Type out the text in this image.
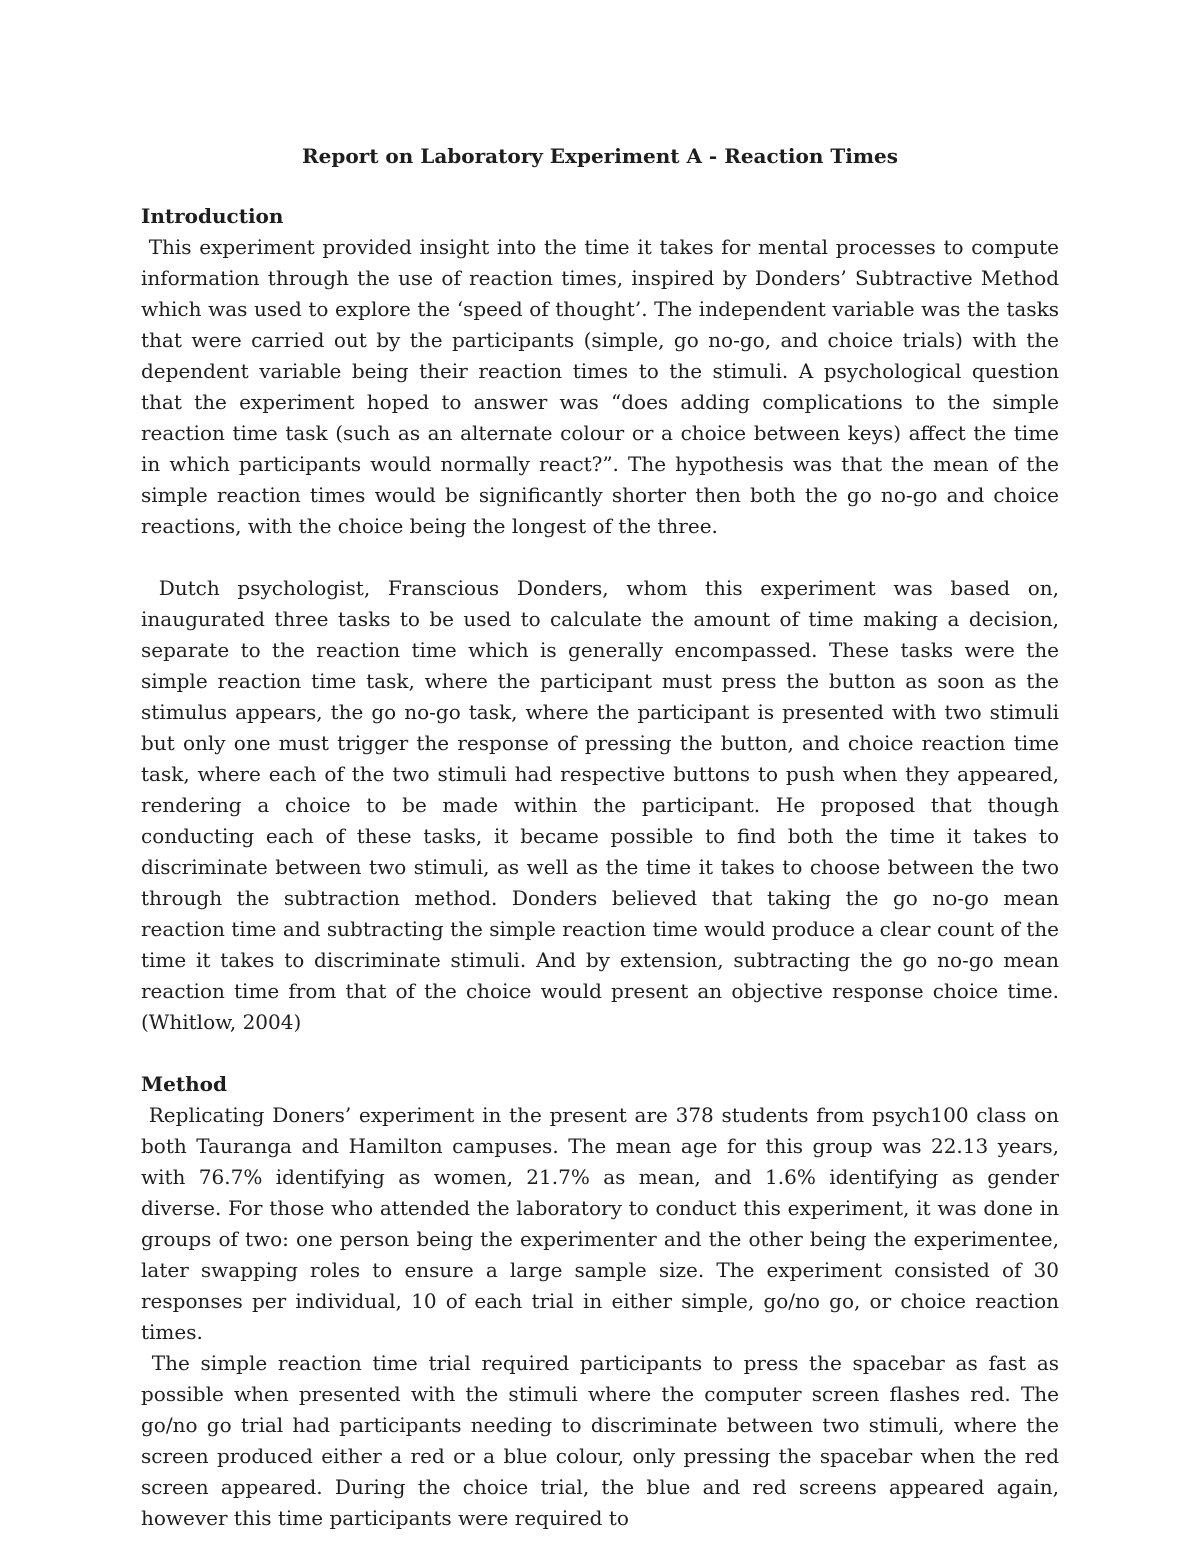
Report on Laboratory Experiment A - Reaction Times
Introduction

This experiment provided insight into the time it takes for mental processes to compute information through the use of reaction times, inspired by Donders’ Subtractive Method which was used to explore the ‘speed of thought’. The independent variable was the tasks that were carried out by the participants (simple, go no-go, and choice trials) with the dependent variable being their reaction times to the stimuli. A psychological question that the experiment hoped to answer was “does adding complications to the simple reaction time task (such as an alternate colour or a choice between keys) affect the time in which participants would normally react?”. The hypothesis was that the mean of the simple reaction times would be significantly shorter then both the go no-go and choice reactions, with the choice being the longest of the three.

Dutch psychologist, Franscious Donders, whom this experiment was based on, inaugurated three tasks to be used to calculate the amount of time making a decision, separate to the reaction time which is generally encompassed. These tasks were the simple reaction time task, where the participant must press the button as soon as the stimulus appears, the go no-go task, where the participant is presented with two stimuli but only one must trigger the response of pressing the button, and choice reaction time task, where each of the two stimuli had respective buttons to push when they appeared, rendering a choice to be made within the participant. He proposed that though conducting each of these tasks, it became possible to find both the time it takes to discriminate between two stimuli, as well as the time it takes to choose between the two through the subtraction method. Donders believed that taking the go no-go mean reaction time and subtracting the simple reaction time would produce a clear count of the time it takes to discriminate stimuli. And by extension, subtracting the go no-go mean reaction time from that of the choice would present an objective response choice time. (Whitlow, 2004)

Method

Replicating Doners’ experiment in the present are 378 students from psych100 class on both Tauranga and Hamilton campuses. The mean age for this group was 22.13 years, with 76.7% identifying as women, 21.7% as mean, and 1.6% identifying as gender diverse. For those who attended the laboratory to conduct this experiment, it was done in groups of two: one person being the experimenter and the other being the experimentee, later swapping roles to ensure a large sample size. The experiment consisted of 30 responses per individual, 10 of each trial in either simple, go/no go, or choice reaction times.

The simple reaction time trial required participants to press the spacebar as fast as possible when presented with the stimuli where the computer screen flashes red. The go/no go trial had participants needing to discriminate between two stimuli, where the screen produced either a red or a blue colour, only pressing the spacebar when the red screen appeared. During the choice trial, the blue and red screens appeared again, however this time participants were required to
